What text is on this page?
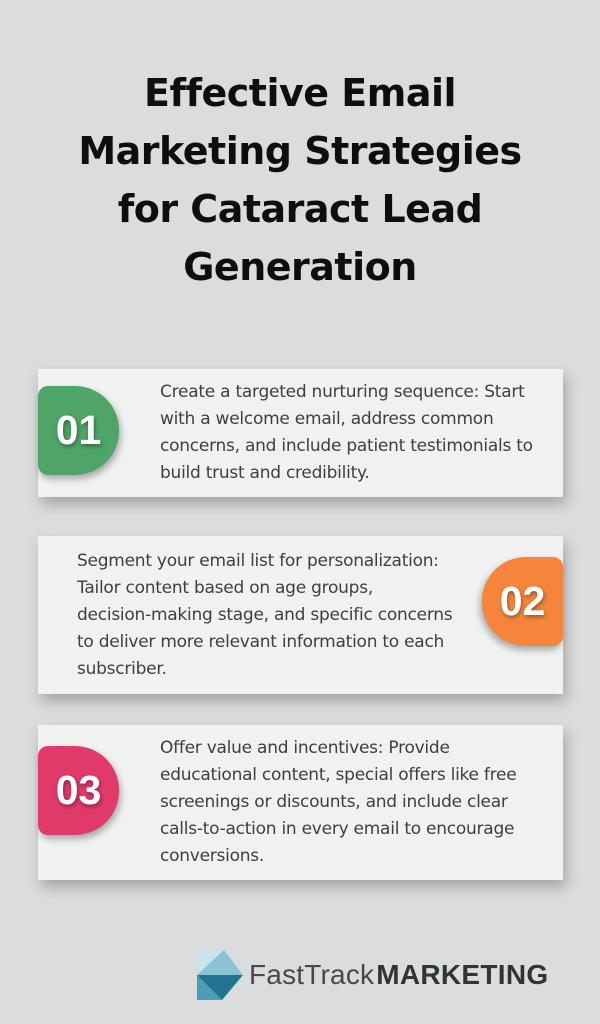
Effective Email
Marketing Strategies
for Cataract Lead
Generation
01
Create a targeted nurturing sequence: Start
with a welcome email, address common
concerns, and include patient testimonials to
build trust and credibility.
Segment your email list for personalization:
Tailor content based on age groups,
decision-making stage, and specific concerns
to deliver more relevant information to each
subscriber.
02
03
Offer value and incentives: Provide
educational content, special offers like free
screenings or discounts, and include clear
calls-to-action in every email to encourage
conversions.
FastTrack MARKETING
